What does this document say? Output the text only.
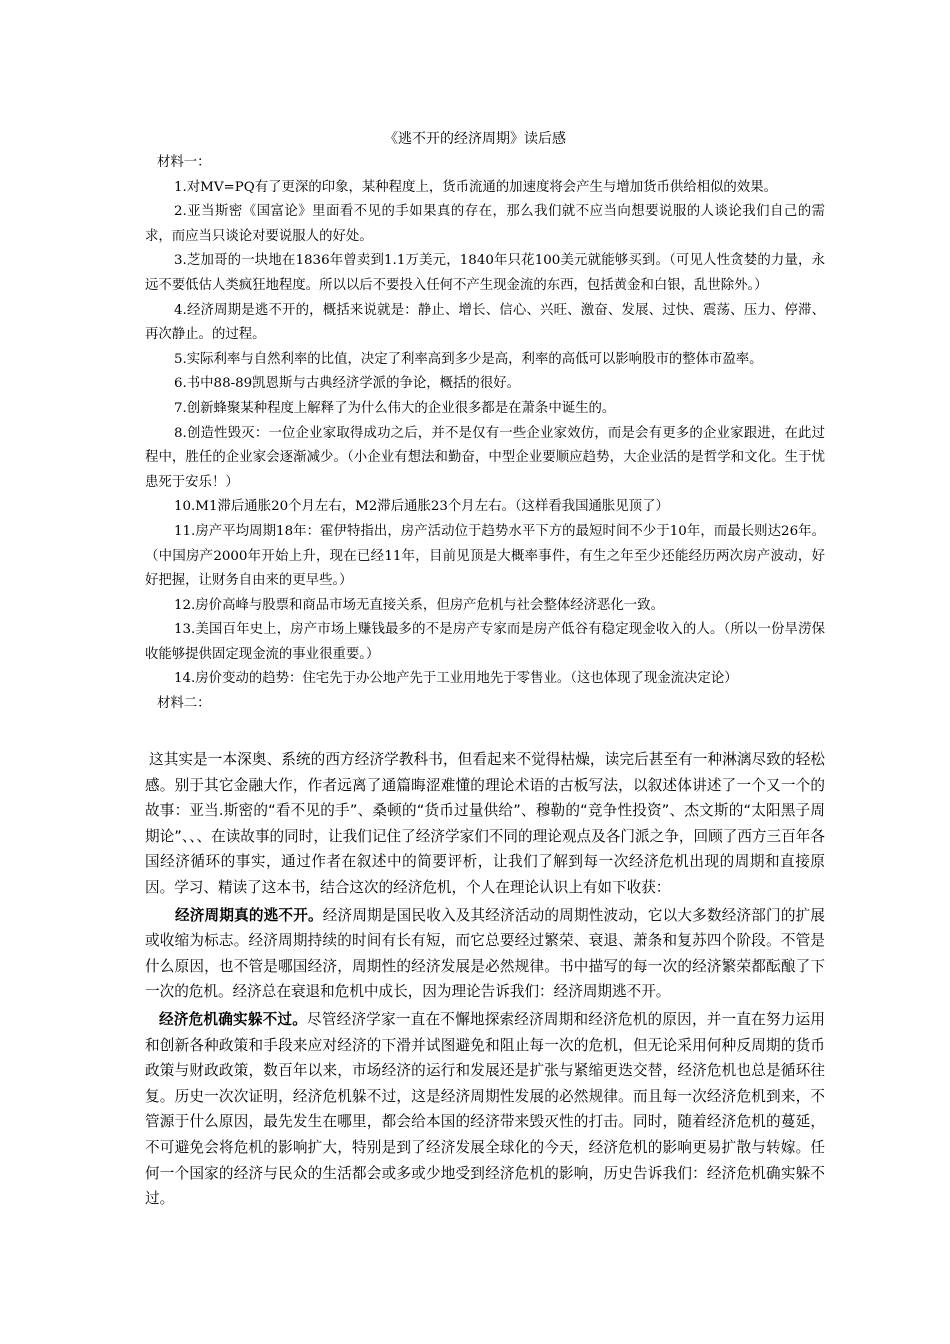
《逃不开的经济周期》读后感

材料一：

1.对MV=PQ有了更深的印象，某种程度上，货币流通的加速度将会产生与增加货币供给相似的效果。

2.亚当斯密《国富论》里面看不见的手如果真的存在，那么我们就不应当向想要说服的人谈论我们自己的需求，而应当只谈论对要说服人的好处。

3.芝加哥的一块地在1836年曾卖到1.1万美元，1840年只花100美元就能够买到。（可见人性贪婪的力量，永远不要低估人类疯狂地程度。所以以后不要投入任何不产生现金流的东西，包括黄金和白银，乱世除外。）

4.经济周期是逃不开的，概括来说就是：静止、增长、信心、兴旺、激奋、发展、过快、震荡、压力、停滞、再次静止。的过程。

5.实际利率与自然利率的比值，决定了利率高到多少是高，利率的高低可以影响股市的整体市盈率。

6.书中88-89凯恩斯与古典经济学派的争论，概括的很好。

7.创新蜂聚某种程度上解释了为什么伟大的企业很多都是在萧条中诞生的。

8.创造性毁灭：一位企业家取得成功之后，并不是仅有一些企业家效仿，而是会有更多的企业家跟进，在此过程中，胜任的企业家会逐渐减少。（小企业有想法和勤奋，中型企业要顺应趋势，大企业活的是哲学和文化。生于忧患死于安乐！）

10.M1滞后通胀20个月左右，M2滞后通胀23个月左右。（这样看我国通胀见顶了）

11.房产平均周期18年：霍伊特指出，房产活动位于趋势水平下方的最短时间不少于10年，而最长则达26年。（中国房产2000年开始上升，现在已经11年，目前见顶是大概率事件，有生之年至少还能经历两次房产波动，好好把握，让财务自由来的更早些。）

12.房价高峰与股票和商品市场无直接关系，但房产危机与社会整体经济恶化一致。

13.美国百年史上，房产市场上赚钱最多的不是房产专家而是房产低谷有稳定现金收入的人。（所以一份旱涝保收能够提供固定现金流的事业很重要。）

14.房价变动的趋势：住宅先于办公地产先于工业用地先于零售业。（这也体现了现金流决定论）

材料二：

这其实是一本深奥、系统的西方经济学教科书，但看起来不觉得枯燥，读完后甚至有一种淋漓尽致的轻松感。别于其它金融大作，作者远离了通篇晦涩难懂的理论术语的古板写法，以叙述体讲述了一个又一个的故事：亚当.斯密的“看不见的手”、桑顿的“货币过量供给”、穆勒的“竞争性投资”、杰文斯的“太阳黑子周期论”、、、在读故事的同时，让我们记住了经济学家们不同的理论观点及各门派之争，回顾了西方三百年各国经济循环的事实，通过作者在叙述中的简要评析，让我们了解到每一次经济危机出现的周期和直接原因。学习、精读了这本书，结合这次的经济危机，个人在理论认识上有如下收获：

经济周期真的逃不开。经济周期是国民收入及其经济活动的周期性波动，它以大多数经济部门的扩展或收缩为标志。经济周期持续的时间有长有短，而它总要经过繁荣、衰退、萧条和复苏四个阶段。不管是什么原因，也不管是哪国经济，周期性的经济发展是必然规律。书中描写的每一次的经济繁荣都酝酿了下一次的危机。经济总在衰退和危机中成长，因为理论告诉我们：经济周期逃不开。

经济危机确实躲不过。尽管经济学家一直在不懈地探索经济周期和经济危机的原因，并一直在努力运用和创新各种政策和手段来应对经济的下滑并试图避免和阻止每一次的危机，但无论采用何种反周期的货币政策与财政政策，数百年以来，市场经济的运行和发展还是扩张与紧缩更迭交替，经济危机也总是循环往复。历史一次次证明，经济危机躲不过，这是经济周期性发展的必然规律。而且每一次经济危机到来，不管源于什么原因，最先发生在哪里，都会给本国的经济带来毁灭性的打击。同时，随着经济危机的蔓延，不可避免会将危机的影响扩大，特别是到了经济发展全球化的今天，经济危机的影响更易扩散与转嫁。任何一个国家的经济与民众的生活都会或多或少地受到经济危机的影响，历史告诉我们：经济危机确实躲不过。
